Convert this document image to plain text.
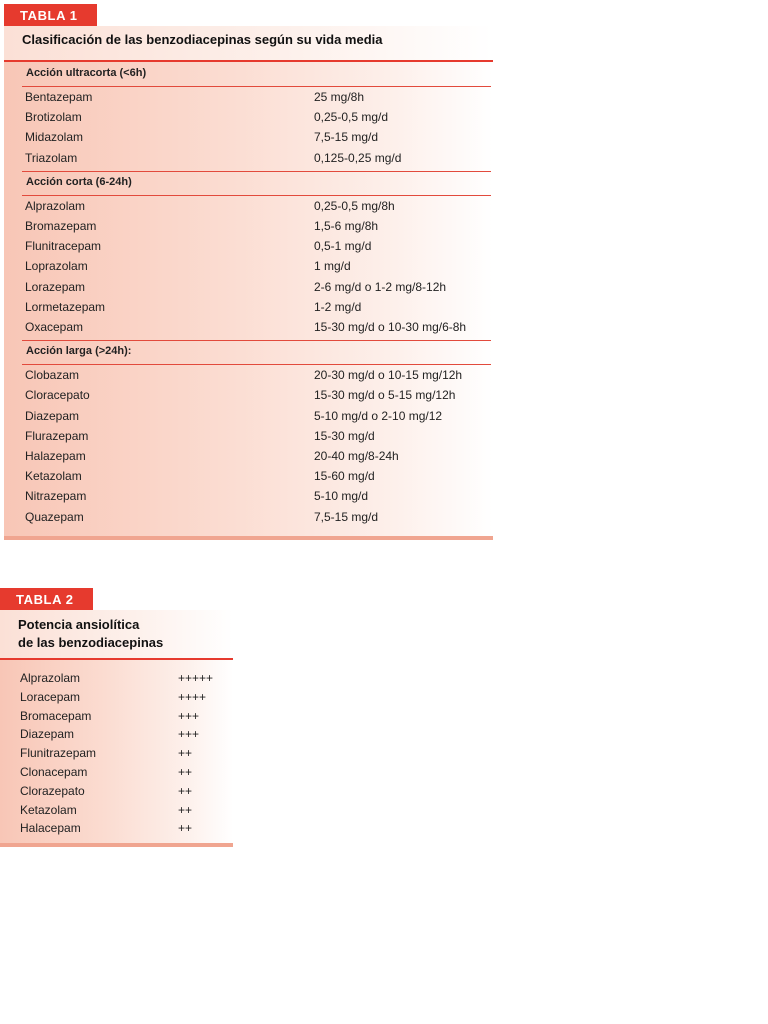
TABLA 1
Clasificación de las benzodiacepinas según su vida media
Acción ultracorta (<6h)
Bentazepam	25 mg/8h
Brotizolam	0,25-0,5 mg/d
Midazolam	7,5-15 mg/d
Triazolam	0,125-0,25 mg/d
Acción corta (6-24h)
Alprazolam	0,25-0,5 mg/8h
Bromazepam	1,5-6 mg/8h
Flunitracepam	0,5-1 mg/d
Loprazolam	1 mg/d
Lorazepam	2-6 mg/d o 1-2 mg/8-12h
Lormetazepam	1-2 mg/d
Oxacepam	15-30 mg/d o 10-30 mg/6-8h
Acción larga (>24h):
Clobazam	20-30 mg/d o 10-15 mg/12h
Cloracepato	15-30 mg/d o 5-15 mg/12h
Diazepam	5-10 mg/d o 2-10 mg/12
Flurazepam	15-30 mg/d
Halazepam	20-40 mg/8-24h
Ketazolam	15-60 mg/d
Nitrazepam	5-10 mg/d
Quazepam	7,5-15 mg/d
TABLA 2
Potencia ansiolítica
de las benzodiacepinas
Alprazolam	+++++
Loracepam	++++
Bromacepam	+++
Diazepam	+++
Flunitrazepam	++
Clonacepam	++
Clorazepato	++
Ketazolam	++
Halacepam	++
